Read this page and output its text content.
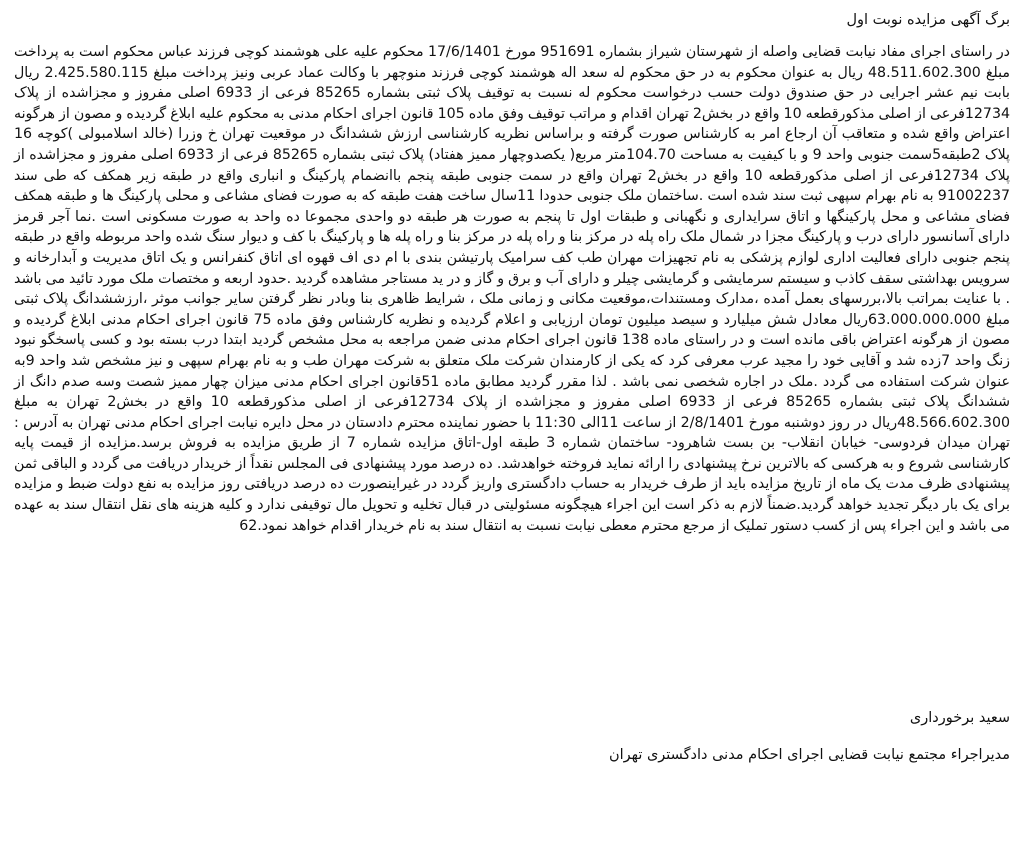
برگ آگهی مزایده نوبت اول

در راستای اجرای مفاد نیابت قضایی واصله از شهرستان شیراز بشماره 951691 مورخ 17/6/1401 محکوم علیه علی هوشمند کوچی فرزند عباس محکوم است به پرداخت مبلغ 48.511.602.300 ریال به عنوان محکوم به در حق محکوم له سعد اله هوشمند کوچی فرزند منوچهر با وکالت عماد عربی ونیز پرداخت مبلغ 2.425.580.115 ریال بابت نیم عشر اجرایی در حق صندوق دولت حسب درخواست محکوم له نسبت به توقیف پلاک ثبتی بشماره 85265 فرعی از 6933 اصلی مفروز و مجزاشده از پلاک 12734فرعی از اصلی مذکورقطعه 10 واقع در بخش2 تهران اقدام و مراتب توقیف وفق ماده 105 قانون اجرای احکام مدنی به محکوم علیه ابلاغ گردیده و مصون از هرگونه اعتراض واقع شده و متعاقب آن ارجاع امر به کارشناس صورت گرفته و براساس نظریه کارشناسی ارزش ششدانگ در موقعیت تهران خ وزرا (خالد اسلامبولی )کوچه 16 پلاک 2طبقه5سمت جنوبی واحد 9 و با کیفیت به مساحت 104.70متر مربع( یکصدوچهار ممیز هفتاد) پلاک ثبتی بشماره 85265 فرعی از 6933 اصلی مفروز و مجزاشده از پلاک 12734فرعی از اصلی مذکورقطعه 10 واقع در بخش2 تهران واقع در سمت جنوبی طبقه پنجم باانضمام پارکینگ و انباری واقع در طبقه زیر همکف که طی سند 91002237 به نام بهرام سپهی ثبت سند شده است .ساختمان ملک جنوبی حدودا 11سال ساخت هفت طبقه که به صورت فضای مشاعی و محلی پارکینگ ها و طبقه همکف فضای مشاعی و محل پارکینگها و اتاق سرایداری و نگهبانی و طبقات اول تا پنجم به صورت هر طبقه دو واحدی مجموعا ده واحد به صورت مسکونی است .نما آجر قرمز دارای آسانسور دارای درب و پارکینگ مجزا در شمال ملک راه پله در مرکز بنا و راه پله در مرکز بنا و راه پله ها و پارکینگ با کف و دیوار سنگ شده واحد مربوطه واقع در طبقه پنجم جنوبی دارای فعالیت اداری لوازم پزشکی به نام تجهیزات مهران طب کف سرامیک پارتیشن بندی با ام دی اف قهوه ای اتاق کنفرانس و یک اتاق مدیریت و آبدارخانه و سرویس بهداشتی سقف کاذب و سیستم سرمایشی و گرمایشی چیلر و دارای آب و برق و گاز و در ید مستاجر مشاهده گردید .حدود اربعه و مختصات ملک مورد تائید می باشد . با عنایت بمراتب بالا،بررسهای بعمل آمده ،مدارک ومستندات،موقعیت مکانی و زمانی ملک ، شرایط ظاهری بنا وبادر نظر گرفتن سایر جوانب موثر ،ارزششدانگ پلاک ثبتی مبلغ 63.000.000.000ریال معادل شش میلیارد و سیصد میلیون تومان ارزیابی و اعلام گردیده و نظریه کارشناس وفق ماده 75 قانون اجرای احکام مدنی ابلاغ گردیده و مصون از هرگونه اعتراض باقی مانده است و در راستای ماده 138 قانون اجرای احکام مدنی ضمن مراجعه به محل مشخص گردید ابتدا درب بسته بود و کسی پاسخگو نبود زنگ واحد 7زده شد و آقایی خود را مجید عرب معرفی کرد که یکی از کارمندان شرکت ملک متعلق به شرکت مهران طب و به نام بهرام سپهی و نیز مشخص شد واحد 9به عنوان شرکت استفاده می گردد .ملک در اجاره شخصی نمی باشد . لذا مقرر گردید مطابق ماده 51قانون اجرای احکام مدنی میزان چهار ممیز شصت وسه صدم دانگ از ششدانگ پلاک ثبتی بشماره 85265 فرعی از 6933 اصلی مفروز و مجزاشده از پلاک 12734فرعی از اصلی مذکورقطعه 10 واقع در بخش2 تهران به مبلغ 48.566.602.300ریال در روز دوشنبه مورخ 2/8/1401 از ساعت 11الی 11:30 با حضور نماینده محترم دادستان در محل دایره نیابت اجرای احکام مدنی تهران به آدرس : تهران میدان فردوسی- خیابان انقلاب- بن بست شاهرود- ساختمان شماره 3 طبقه اول-اتاق مزایده شماره 7 از طریق مزایده به فروش برسد.مزایده از قیمت پایه کارشناسی شروع و به هرکسی که بالاترین نرخ پیشنهادی را ارائه نماید فروخته خواهدشد. ده درصد مورد پیشنهادی فی المجلس نقداً از خریدار دریافت می گردد و الباقی ثمن پیشنهادی ظرف مدت یک ماه از تاریخ مزایده باید از طرف خریدار به حساب دادگستری واریز گردد در غیراینصورت ده درصد دریافتی روز مزایده به نفع دولت ضبط و مزایده برای یک بار دیگر تجدید خواهد گردید.ضمناً لازم به ذکر است این اجراء هیچگونه مسئولیتی در قبال تخلیه و تحویل مال توقیفی ندارد و کلیه هزینه های نقل انتقال سند به عهده می باشد و این اجراء پس از کسب دستور تملیک از مرجع محترم معطی نیابت نسبت به انتقال سند به نام خریدار اقدام خواهد نمود.62

سعید برخورداری

مدیراجراء مجتمع نیابت قضایی اجرای احکام مدنی دادگستری تهران
